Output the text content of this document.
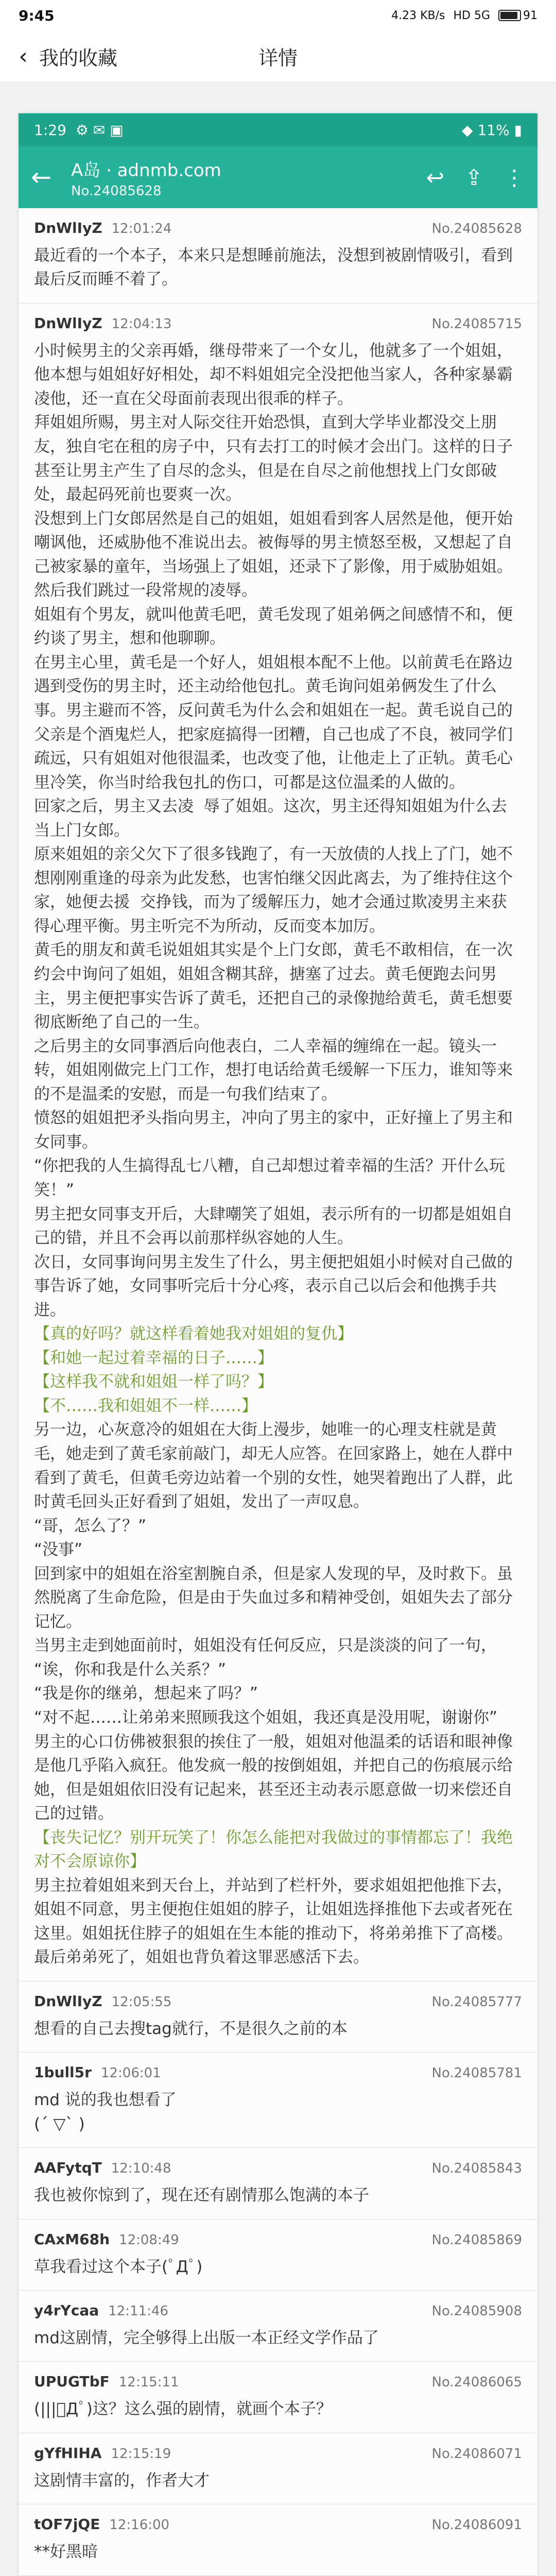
9:45	4.23 KB/s HD 5G	91
详情
‹ 我的收藏
1:29 ⚙ ✉ ▣	◆ 11% ▮
←	A岛 · adnmb.com
No.24085628
↩ ⇪ ⋮
DnWlIyZ 12:01:24	No.24085628
最近看的一个本子，本来只是想睡前施法，没想到被剧情吸引，看到最后反而睡不着了。
DnWlIyZ 12:04:13	No.24085715
小时候男主的父亲再婚，继母带来了一个女儿，他就多了一个姐姐，他本想与姐姐好好相处，却不料姐姐完全没把他当家人，各种家暴霸凌他，还一直在父母面前表现出很乖的样子。
拜姐姐所赐，男主对人际交往开始恐惧，直到大学毕业都没交上朋友，独自宅在租的房子中，只有去打工的时候才会出门。这样的日子甚至让男主产生了自尽的念头，但是在自尽之前他想找上门女郎破处，最起码死前也要爽一次。
没想到上门女郎居然是自己的姐姐，姐姐看到客人居然是他，便开始嘲讽他，还威胁他不准说出去。被侮辱的男主愤怒至极，又想起了自己被家暴的童年，当场强上了姐姐，还录下了影像，用于威胁姐姐。
然后我们跳过一段常规的凌辱。
姐姐有个男友，就叫他黄毛吧，黄毛发现了姐弟俩之间感情不和，便约谈了男主，想和他聊聊。
在男主心里，黄毛是一个好人，姐姐根本配不上他。以前黄毛在路边遇到受伤的男主时，还主动给他包扎。黄毛询问姐弟俩发生了什么事。男主避而不答，反问黄毛为什么会和姐姐在一起。黄毛说自己的父亲是个酒鬼烂人，把家庭搞得一团糟，自己也成了不良，被同学们疏远，只有姐姐对他很温柔，也改变了他，让他走上了正轨。黄毛心里冷笑，你当时给我包扎的伤口，可都是这位温柔的人做的。
回家之后，男主又去凌  辱了姐姐。这次，男主还得知姐姐为什么去当上门女郎。
原来姐姐的亲父欠下了很多钱跑了，有一天放债的人找上了门，她不想刚刚重逢的母亲为此发愁，也害怕继父因此离去，为了维持住这个家，她便去援  交挣钱，而为了缓解压力，她才会通过欺凌男主来获得心理平衡。男主听完不为所动，反而变本加厉。
黄毛的朋友和黄毛说姐姐其实是个上门女郎，黄毛不敢相信，在一次约会中询问了姐姐，姐姐含糊其辞，搪塞了过去。黄毛便跑去问男主，男主便把事实告诉了黄毛，还把自己的录像抛给黄毛，黄毛想要彻底断绝了自己的一生。
之后男主的女同事酒后向他表白，二人幸福的缠绵在一起。镜头一转，姐姐刚做完上门工作，想打电话给黄毛缓解一下压力，谁知等来的不是温柔的安慰，而是一句我们结束了。
愤怒的姐姐把矛头指向男主，冲向了男主的家中，正好撞上了男主和女同事。
“你把我的人生搞得乱七八糟，自己却想过着幸福的生活？开什么玩笑！”
男主把女同事支开后，大肆嘲笑了姐姐，表示所有的一切都是姐姐自己的错，并且不会再以前那样纵容她的人生。
次日，女同事询问男主发生了什么，男主便把姐姐小时候对自己做的事告诉了她，女同事听完后十分心疼，表示自己以后会和他携手共进。
【真的好吗？就这样看着她我对姐姐的复仇】
【和她一起过着幸福的日子……】
【这样我不就和姐姐一样了吗？】
【不……我和姐姐不一样……】
另一边，心灰意冷的姐姐在大街上漫步，她唯一的心理支柱就是黄毛，她走到了黄毛家前敲门，却无人应答。在回家路上，她在人群中看到了黄毛，但黄毛旁边站着一个别的女性，她哭着跑出了人群，此时黄毛回头正好看到了姐姐，发出了一声叹息。
“哥，怎么了？”
“没事”
回到家中的姐姐在浴室割腕自杀，但是家人发现的早，及时救下。虽然脱离了生命危险，但是由于失血过多和精神受创，姐姐失去了部分记忆。
当男主走到她面前时，姐姐没有任何反应，只是淡淡的问了一句，
“诶，你和我是什么关系？”
“我是你的继弟，想起来了吗？”
“对不起……让弟弟来照顾我这个姐姐，我还真是没用呢，谢谢你”
男主的心口仿佛被狠狠的挨住了一般，姐姐对他温柔的话语和眼神像是他几乎陷入疯狂。他发疯一般的按倒姐姐，并把自己的伤痕展示给她，但是姐姐依旧没有记起来，甚至还主动表示愿意做一切来偿还自己的过错。
【丧失记忆？别开玩笑了！你怎么能把对我做过的事情都忘了！我绝对不会原谅你】
男主拉着姐姐来到天台上，并站到了栏杆外，要求姐姐把他推下去，姐姐不同意，男主便抱住姐姐的脖子，让姐姐选择推他下去或者死在这里。姐姐抚住脖子的姐姐在生本能的推动下，将弟弟推下了高楼。
最后弟弟死了，姐姐也背负着这罪恶感活下去。
DnWlIyZ 12:05:55	No.24085777
想看的自己去搜tag就行，不是很久之前的本
1bull5r 12:06:01	No.24085781
md 说的我也想看了
(´ ▽` )
AAFytqT 12:10:48	No.24085843
我也被你惊到了，现在还有剧情那么饱满的本子
CAxM68h 12:08:49	No.24085869
草我看过这个本子(ﾟДﾟ)
y4rYcaa 12:11:46	No.24085908
md这剧情，完全够得上出版一本正经文学作品了
UPUGTbF 12:15:11	No.24086065
(|||ﾟДﾟ)这？这么强的剧情，就画个本子？
gYfHIHA 12:15:19	No.24086071
这剧情丰富的，作者大才
tOF7jQE 12:16:00	No.24086091
**好黑暗
